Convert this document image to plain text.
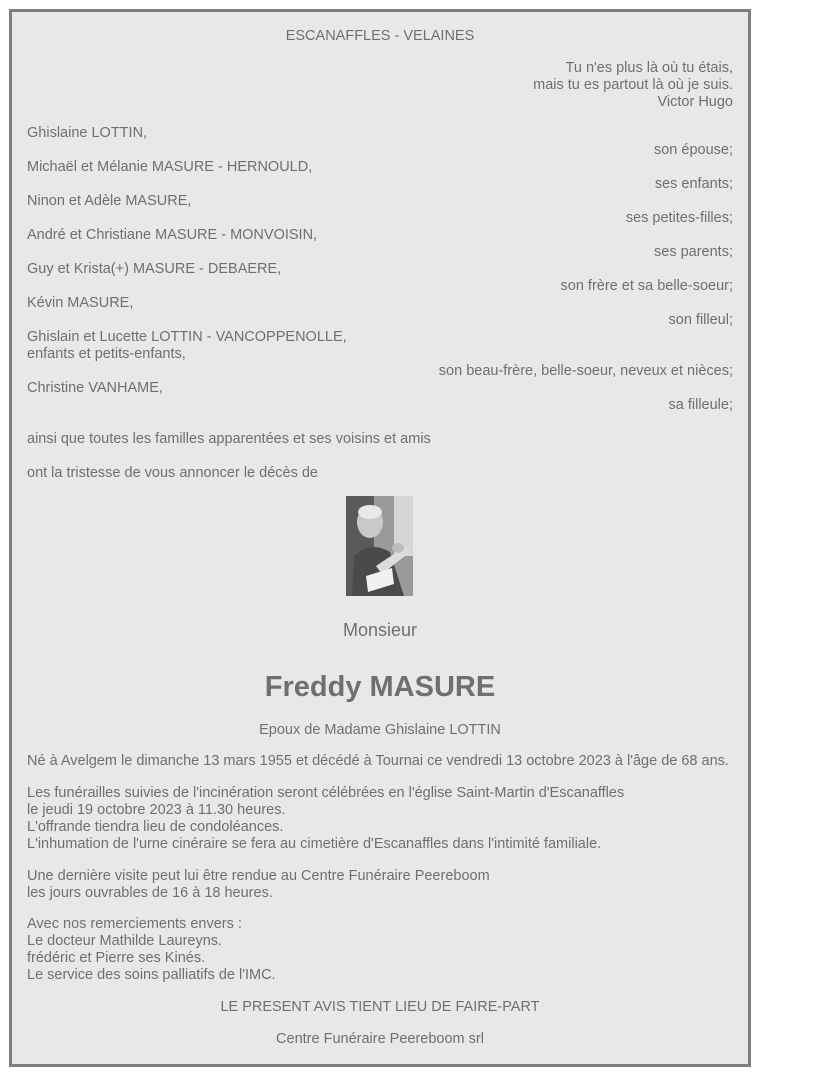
ESCANAFFLES - VELAINES
Tu n'es plus là où tu étais,
mais tu es partout là où je suis.
Victor Hugo
Ghislaine LOTTIN,
son épouse;
Michaël et Mélanie MASURE - HERNOULD,
ses enfants;
Ninon et Adèle MASURE,
ses petites-filles;
André et Christiane MASURE - MONVOISIN,
ses parents;
Guy et Krista(+) MASURE - DEBAERE,
son frère et sa belle-soeur;
Kévin MASURE,
son filleul;
Ghislain et Lucette LOTTIN - VANCOPPENOLLE,
enfants et petits-enfants,
son beau-frère, belle-soeur, neveux et nièces;
Christine VANHAME,
sa filleule;
ainsi que toutes les familles apparentées et ses voisins et amis
ont la tristesse de vous annoncer le décès de
Monsieur
Freddy MASURE
Epoux de Madame Ghislaine LOTTIN
Né à Avelgem le dimanche 13 mars 1955 et décédé à Tournai ce vendredi 13 octobre 2023 à l'âge de 68 ans.
Les funérailles suivies de l'incinération seront célébrées en l'église Saint-Martin d'Escanaffles
le jeudi 19 octobre 2023 à 11.30 heures.
L'offrande tiendra lieu de condoléances.
L'inhumation de l'urne cinéraire se fera au cimetière d'Escanaffles dans l'intimité familiale.
Une dernière visite peut lui être rendue au Centre Funéraire Peereboom
les jours ouvrables de 16 à 18 heures.
Avec nos remerciements envers :
Le docteur Mathilde Laureyns.
frédéric et Pierre ses Kinés.
Le service des soins palliatifs de l'IMC.
LE PRESENT AVIS TIENT LIEU DE FAIRE-PART
Centre Funéraire Peereboom srl
